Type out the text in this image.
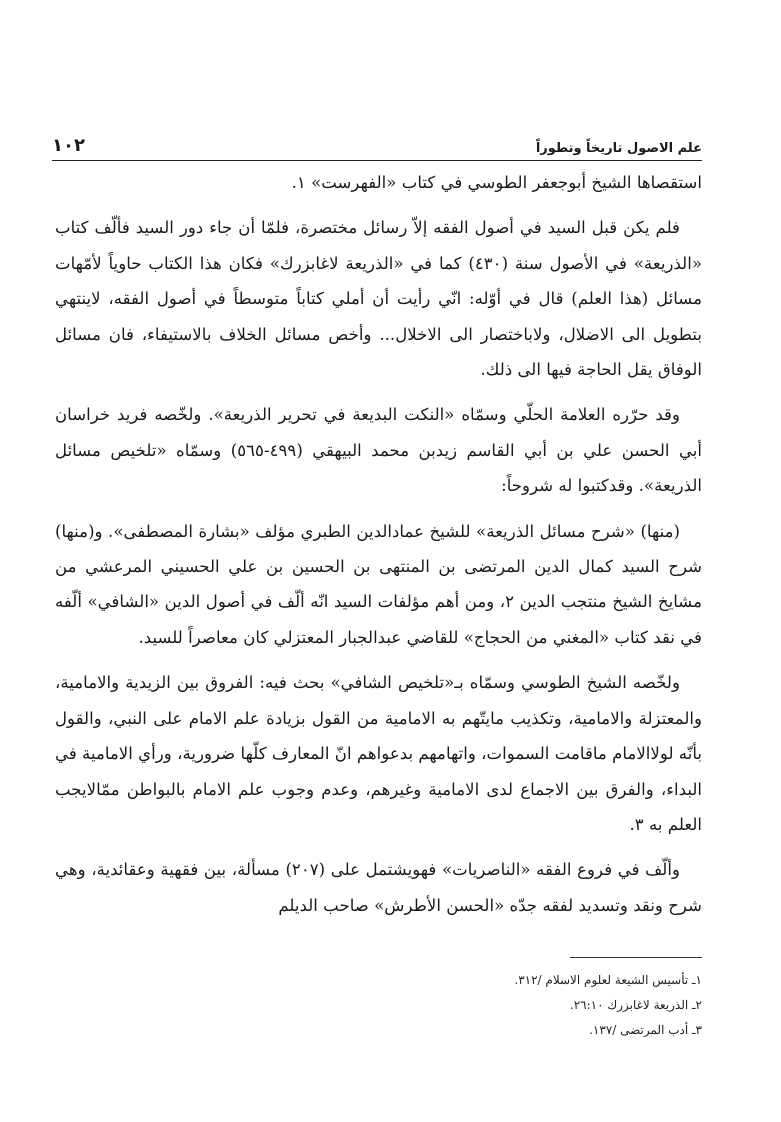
١٠٢	علم الاصول تاريخاً وتطوراً

استقصاها الشيخ أبوجعفر الطوسي في كتاب «الفهرست» ١.

فلم يكن قبل السيد في أصول الفقه إلاّ رسائل مختصرة، فلمّا أن جاء دور السيد فألّف كتاب «الذريعة» في الأصول سنة (٤٣٠) كما في «الذريعة لاغابزرك» فكان هذا الكتاب حاوياً لأمّهات مسائل (هذا العلم) قال في أوّله: انّي رأيت أن أملي كتاباً متوسطاً في أصول الفقه، لاينتهي بتطويل الى الاضلال، ولاباختصار الى الاخلال... وأخص مسائل الخلاف بالاستيفاء، فان مسائل الوفاق يقل الحاجة فيها الى ذلك.

وقد حرّره العلامة الحلّي وسمّاه «النكت البديعة في تحرير الذريعة». ولخّصه فريد خراسان أبي الحسن علي بن أبي القاسم زيدبن محمد البيهقي (٤٩٩-٥٦٥) وسمّاه «تلخيص مسائل الذريعة». وقدكتبوا له شروحاً:

(منها) «شرح مسائل الذريعة» للشيخ عمادالدين الطبري مؤلف «بشارة المصطفى». و(منها) شرح السيد كمال الدين المرتضى بن المنتهى بن الحسين بن علي الحسيني المرعشي من مشايخ الشيخ منتجب الدين ٢، ومن أهم مؤلفات السيد انّه ألّف في أصول الدين «الشافي» ألّفه في نقد كتاب «المغني من الحجاج» للقاضي عبدالجبار المعتزلي كان معاصراً للسيد.

ولخّصه الشيخ الطوسي وسمّاه بـ«تلخيص الشافي» بحث فيه: الفروق بين الزيدية والامامية، والمعتزلة والامامية، وتكذيب مايتّهم به الامامية من القول بزيادة علم الامام على النبي، والقول بأنّه لولاالامام ماقامت السموات، واتهامهم بدعواهم انّ المعارف كلّها ضرورية، ورأي الامامية في البداء، والفرق بين الاجماع لدى الامامية وغيرهم، وعدم وجوب علم الامام بالبواطن ممّالايجب العلم به ٣.

وألّف في فروع الفقه «الناصريات» فهويشتمل على (٢٠٧) مسألة، بين فقهية وعقائدية، وهي شرح ونقد وتسديد لفقه جدّه «الحسن الأطرش» صاحب الديلم

١ـ تأسيس الشيعة لعلوم الاسلام /٣١٢.
٢ـ الذريعة لاغابزرك ٢٦:١٠.
٣ـ أدب المرتضى /١٣٧.
